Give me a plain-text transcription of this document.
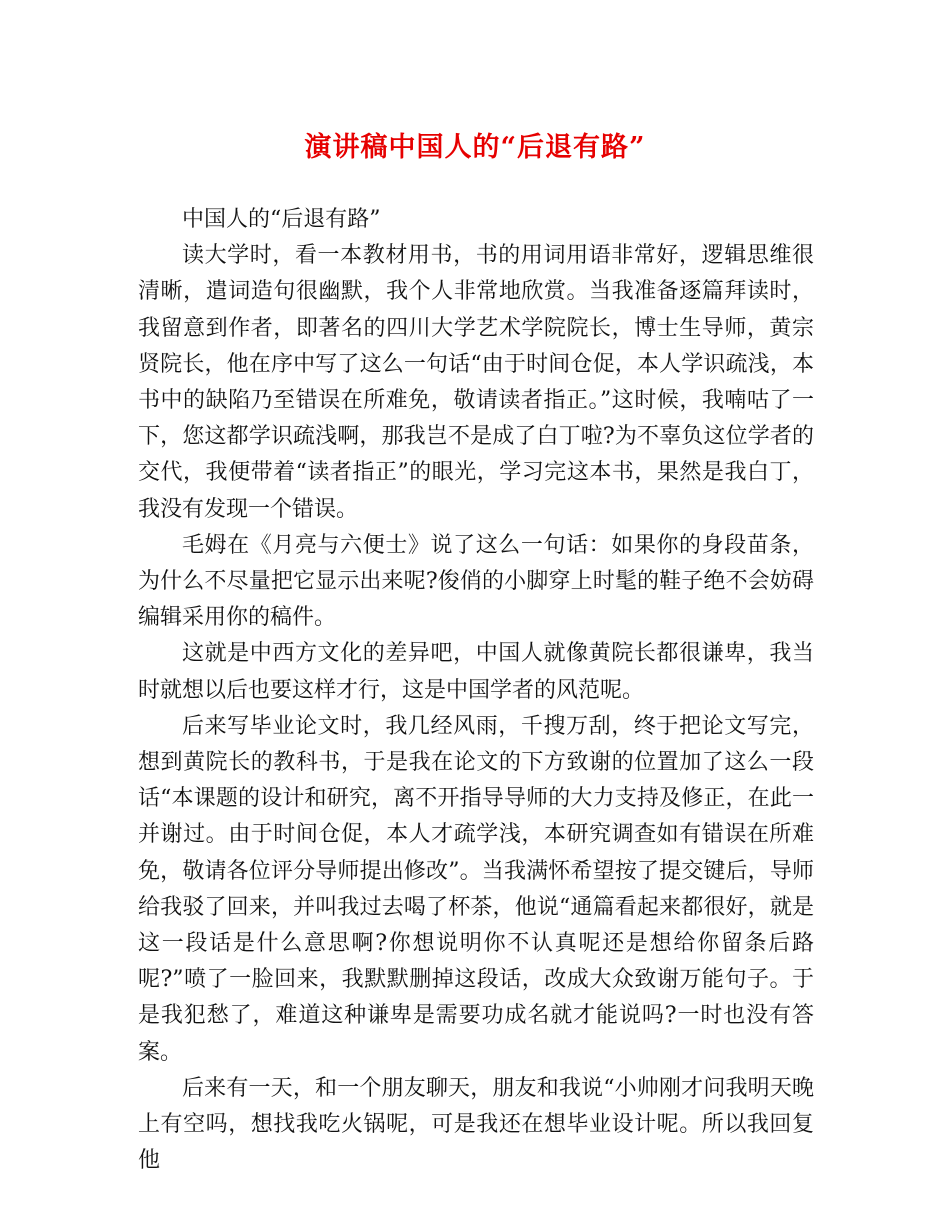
演讲稿中国人的“后退有路”

中国人的“后退有路”

读大学时，看一本教材用书，书的用词用语非常好，逻辑思维很清晰，遣词造句很幽默，我个人非常地欣赏。当我准备逐篇拜读时，我留意到作者，即著名的四川大学艺术学院院长，博士生导师，黄宗贤院长，他在序中写了这么一句话“由于时间仓促，本人学识疏浅，本书中的缺陷乃至错误在所难免，敬请读者指正。”这时候，我喃咕了一下，您这都学识疏浅啊，那我岂不是成了白丁啦?为不辜负这位学者的交代，我便带着“读者指正”的眼光，学习完这本书，果然是我白丁，我没有发现一个错误。

毛姆在《月亮与六便士》说了这么一句话：如果你的身段苗条，为什么不尽量把它显示出来呢?俊俏的小脚穿上时髦的鞋子绝不会妨碍编辑采用你的稿件。

这就是中西方文化的差异吧，中国人就像黄院长都很谦卑，我当时就想以后也要这样才行，这是中国学者的风范呢。

后来写毕业论文时，我几经风雨，千搜万刮，终于把论文写完，想到黄院长的教科书，于是我在论文的下方致谢的位置加了这么一段话“本课题的设计和研究，离不开指导导师的大力支持及修正，在此一并谢过。由于时间仓促，本人才疏学浅，本研究调查如有错误在所难免，敬请各位评分导师提出修改”。当我满怀希望按了提交键后，导师给我驳了回来，并叫我过去喝了杯茶，他说“通篇看起来都很好，就是这一段话是什么意思啊?你想说明你不认真呢还是想给你留条后路呢?”喷了一脸回来，我默默删掉这段话，改成大众致谢万能句子。于是我犯愁了，难道这种谦卑是需要功成名就才能说吗?一时也没有答案。

后来有一天，和一个朋友聊天，朋友和我说“小帅刚才问我明天晚上有空吗，想找我吃火锅呢，可是我还在想毕业设计呢。所以我回复他
